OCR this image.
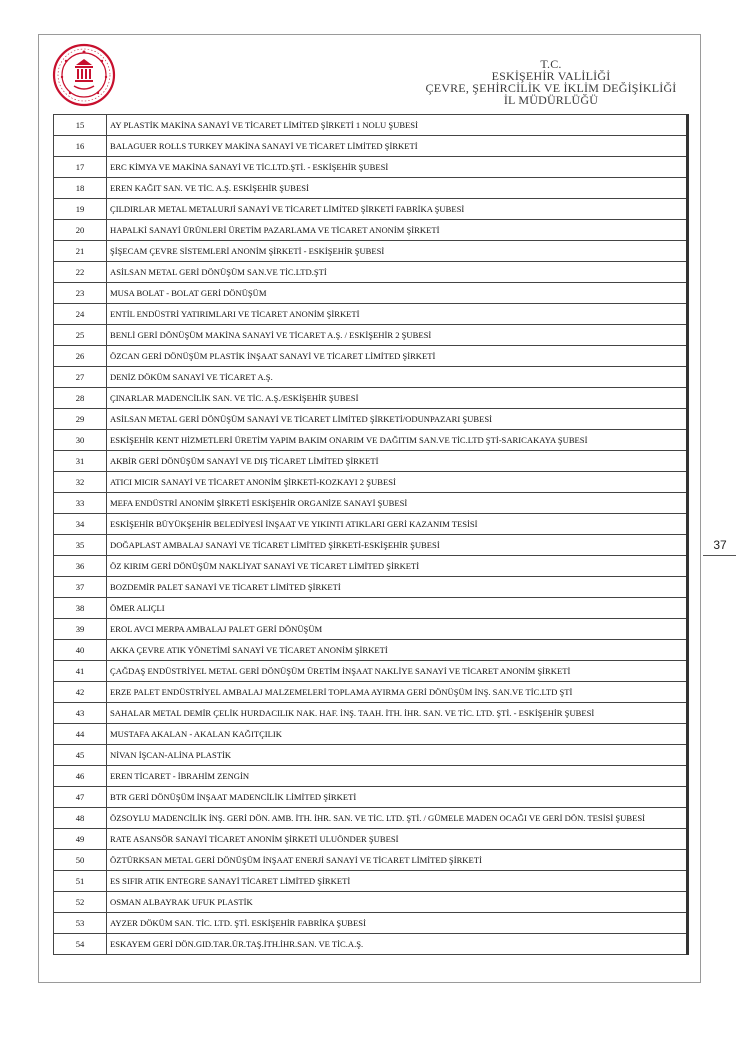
T.C.
ESKİŞEHİR VALİLİĞİ
ÇEVRE, ŞEHİRCİLİK VE İKLİM DEĞİŞİKLİĞİ
İL MÜDÜRLÜĞÜ
15	AY PLASTİK MAKİNA SANAYİ VE TİCARET LİMİTED ŞİRKETİ 1 NOLU ŞUBESİ
16	BALAGUER ROLLS TURKEY MAKİNA SANAYİ VE TİCARET LİMİTED ŞİRKETİ
17	ERC KİMYA VE MAKİNA SANAYİ VE TİC.LTD.ŞTİ. - ESKİŞEHİR ŞUBESİ
18	EREN KAĞIT SAN. VE TİC. A.Ş. ESKİŞEHİR ŞUBESİ
19	ÇILDIRLAR METAL METALURJİ SANAYİ VE TİCARET LİMİTED ŞİRKETİ FABRİKA ŞUBESİ
20	HAPALKİ SANAYİ ÜRÜNLERİ ÜRETİM PAZARLAMA VE TİCARET ANONİM ŞİRKETİ
21	ŞİŞECAM ÇEVRE SİSTEMLERİ ANONİM ŞİRKETİ - ESKİŞEHİR ŞUBESİ
22	ASİLSAN METAL GERİ DÖNÜŞÜM SAN.VE TİC.LTD.ŞTİ
23	MUSA BOLAT - BOLAT GERİ DÖNÜŞÜM
24	ENTİL ENDÜSTRİ YATIRIMLARI VE TİCARET ANONİM ŞİRKETİ
25	BENLİ GERİ DÖNÜŞÜM MAKİNA SANAYİ VE TİCARET A.Ş. / ESKİŞEHİR 2 ŞUBESİ
26	ÖZCAN GERİ DÖNÜŞÜM PLASTİK İNŞAAT SANAYİ VE TİCARET LİMİTED ŞİRKETİ
27	DENİZ DÖKÜM SANAYİ VE TİCARET A.Ş.
28	ÇINARLAR MADENCİLİK SAN. VE TİC. A.Ş./ESKİŞEHİR ŞUBESİ
29	ASİLSAN METAL GERİ DÖNÜŞÜM SANAYİ VE TİCARET LİMİTED ŞİRKETİ/ODUNPAZARI ŞUBESİ
30	ESKİŞEHİR KENT HİZMETLERİ ÜRETİM YAPIM BAKIM ONARIM VE DAĞITIM SAN.VE TİC.LTD ŞTİ-SARICAKAYA ŞUBESİ
31	AKBİR GERİ DÖNÜŞÜM SANAYİ VE DIŞ TİCARET LİMİTED ŞİRKETİ
32	ATICI MICIR SANAYİ VE TİCARET ANONİM ŞİRKETİ-KOZKAYI 2 ŞUBESİ
33	MEFA ENDÜSTRİ ANONİM ŞİRKETİ ESKİŞEHİR ORGANİZE SANAYİ ŞUBESİ
34	ESKİŞEHİR BÜYÜKŞEHİR BELEDİYESİ İNŞAAT VE YIKINTI ATIKLARI GERİ KAZANIM TESİSİ
35	DOĞAPLAST AMBALAJ SANAYİ VE TİCARET LİMİTED ŞİRKETİ-ESKİŞEHİR ŞUBESİ
36	ÖZ KIRIM GERİ DÖNÜŞÜM NAKLİYAT SANAYİ VE TİCARET LİMİTED ŞİRKETİ
37	BOZDEMİR PALET SANAYİ VE TİCARET LİMİTED ŞİRKETİ
38	ÖMER ALIÇLI
39	EROL AVCI MERPA AMBALAJ PALET GERİ DÖNÜŞÜM
40	AKKA ÇEVRE ATIK YÖNETİMİ SANAYİ VE TİCARET ANONİM ŞİRKETİ
41	ÇAĞDAŞ ENDÜSTRİYEL METAL GERİ DÖNÜŞÜM ÜRETİM İNŞAAT NAKLİYE SANAYİ VE TİCARET ANONİM ŞİRKETİ
42	ERZE PALET ENDÜSTRİYEL AMBALAJ MALZEMELERİ TOPLAMA AYIRMA GERİ DÖNÜŞÜM İNŞ. SAN.VE TİC.LTD ŞTİ
43	SAHALAR METAL DEMİR ÇELİK HURDACILIK NAK. HAF. İNŞ. TAAH. İTH. İHR. SAN. VE TİC. LTD. ŞTİ. - ESKİŞEHİR ŞUBESİ
44	MUSTAFA AKALAN - AKALAN KAĞITÇILIK
45	NİVAN İŞCAN-ALİNA PLASTİK
46	EREN TİCARET - İBRAHİM ZENGİN
47	BTR GERİ DÖNÜŞÜM İNŞAAT MADENCİLİK LİMİTED ŞİRKETİ
48	ÖZSOYLU MADENCİLİK İNŞ. GERİ DÖN. AMB. İTH. İHR. SAN. VE TİC. LTD. ŞTİ. / GÜMELE MADEN OCAĞI VE GERİ DÖN. TESİSİ ŞUBESİ
49	RATE ASANSÖR SANAYİ TİCARET ANONİM ŞİRKETİ ULUÖNDER ŞUBESİ
50	ÖZTÜRKSAN METAL GERİ DÖNÜŞÜM İNŞAAT ENERJİ SANAYİ VE TİCARET LİMİTED ŞİRKETİ
51	ES SIFIR ATIK ENTEGRE SANAYİ TİCARET LİMİTED ŞİRKETİ
52	OSMAN ALBAYRAK UFUK PLASTİK
53	AYZER DÖKÜM SAN. TİC. LTD. ŞTİ. ESKİŞEHİR FABRİKA ŞUBESİ
54	ESKAYEM GERİ DÖN.GID.TAR.ÜR.TAŞ.İTH.İHR.SAN. VE TİC.A.Ş.
37
